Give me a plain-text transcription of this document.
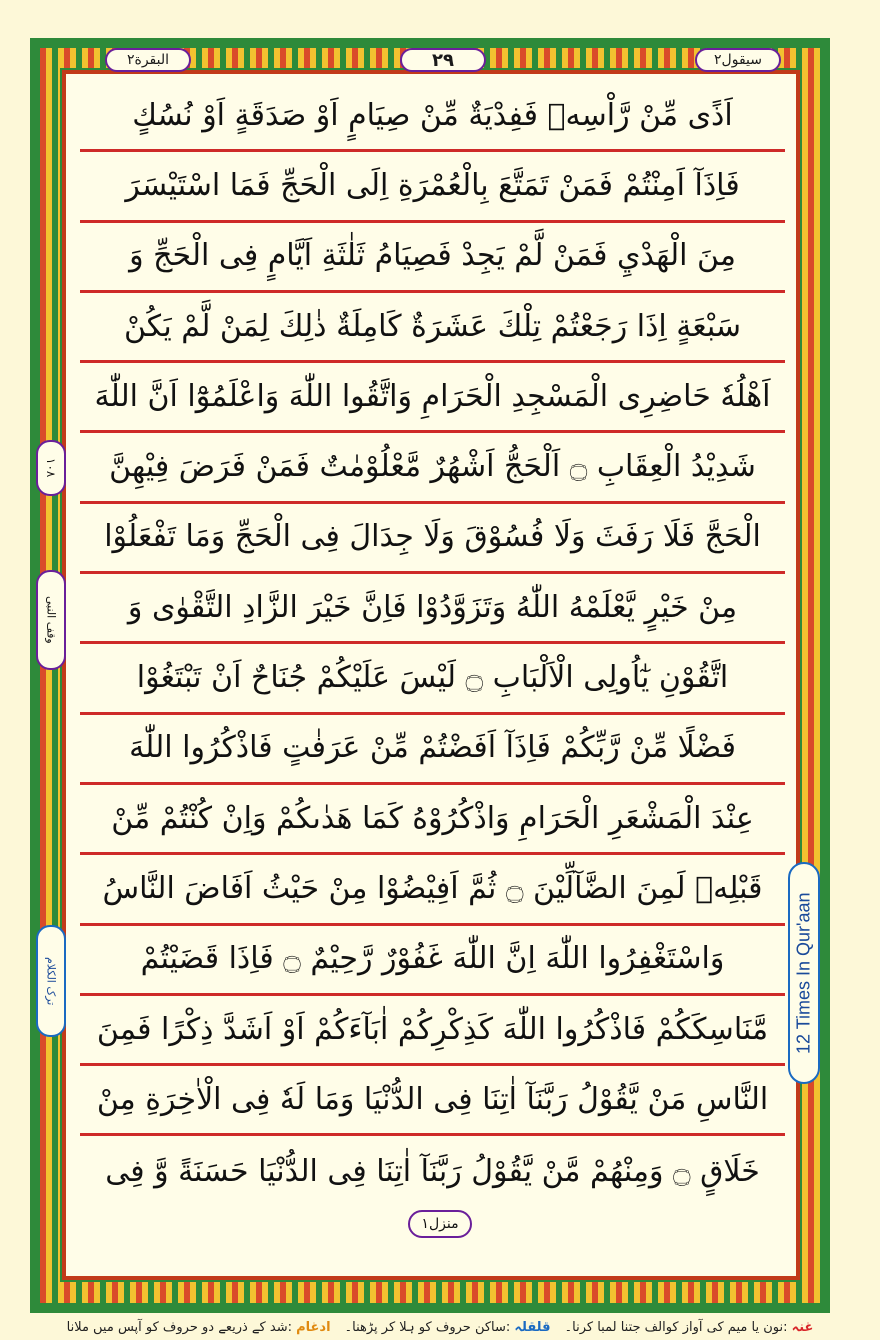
البقرة۲	۲۹	سیقول۲
اَذًى مِّنْ رَّاْسِهٖ فَفِدْيَةٌ مِّنْ صِيَامٍ اَوْ صَدَقَةٍ اَوْ نُسُكٍ
فَاِذَآ اَمِنْتُمْ فَمَنْ تَمَتَّعَ بِالْعُمْرَةِ اِلَى الْحَجِّ فَمَا اسْتَيْسَرَ
مِنَ الْهَدْيِ فَمَنْ لَّمْ يَجِدْ فَصِيَامُ ثَلٰثَةِ اَيَّامٍ فِى الْحَجِّ وَ
سَبْعَةٍ اِذَا رَجَعْتُمْ تِلْكَ عَشَرَةٌ كَامِلَةٌ ذٰلِكَ لِمَنْ لَّمْ يَكُنْ
اَهْلُهٗ حَاضِرِى الْمَسْجِدِ الْحَرَامِ وَاتَّقُوا اللّٰهَ وَاعْلَمُوْٓا اَنَّ اللّٰهَ
شَدِيْدُ الْعِقَابِ ۝ اَلْحَجُّ اَشْهُرٌ مَّعْلُوْمٰتٌ فَمَنْ فَرَضَ فِيْهِنَّ
الْحَجَّ فَلَا رَفَثَ وَلَا فُسُوْقَ وَلَا جِدَالَ فِى الْحَجِّ وَمَا تَفْعَلُوْا
مِنْ خَيْرٍ يَّعْلَمْهُ اللّٰهُ وَتَزَوَّدُوْا فَاِنَّ خَيْرَ الزَّادِ التَّقْوٰى وَ
اتَّقُوْنِ يٰٓاُولِى الْاَلْبَابِ ۝ لَيْسَ عَلَيْكُمْ جُنَاحٌ اَنْ تَبْتَغُوْا
فَضْلًا مِّنْ رَّبِّكُمْ فَاِذَآ اَفَضْتُمْ مِّنْ عَرَفٰتٍ فَاذْكُرُوا اللّٰهَ
عِنْدَ الْمَشْعَرِ الْحَرَامِ وَاذْكُرُوْهُ كَمَا هَدٰىكُمْ وَاِنْ كُنْتُمْ مِّنْ
قَبْلِهٖ لَمِنَ الضَّآلِّيْنَ ۝ ثُمَّ اَفِيْضُوْا مِنْ حَيْثُ اَفَاضَ النَّاسُ
وَاسْتَغْفِرُوا اللّٰهَ اِنَّ اللّٰهَ غَفُوْرٌ رَّحِيْمٌ ۝ فَاِذَا قَضَيْتُمْ
مَّنَاسِكَكُمْ فَاذْكُرُوا اللّٰهَ كَذِكْرِكُمْ اٰبَآءَكُمْ اَوْ اَشَدَّ ذِكْرًا فَمِنَ
النَّاسِ مَنْ يَّقُوْلُ رَبَّنَآ اٰتِنَا فِى الدُّنْيَا وَمَا لَهٗ فِى الْاٰخِرَةِ مِنْ
خَلَاقٍ ۝ وَمِنْهُمْ مَّنْ يَّقُوْلُ رَبَّنَآ اٰتِنَا فِى الدُّنْيَا حَسَنَةً وَّ فِى
منزل۱
۱۰۸
وقف النبی
ترک الکلام	12 Times In Qur'aan
غنہ :نون یا میم کی آواز کوالف جتنا لمبا کرنا۔
قلقلہ :ساکن حروف کو ہلا کر پڑھنا۔
ادغام :شد کے ذریعے دو حروف کو آپس میں ملانا
